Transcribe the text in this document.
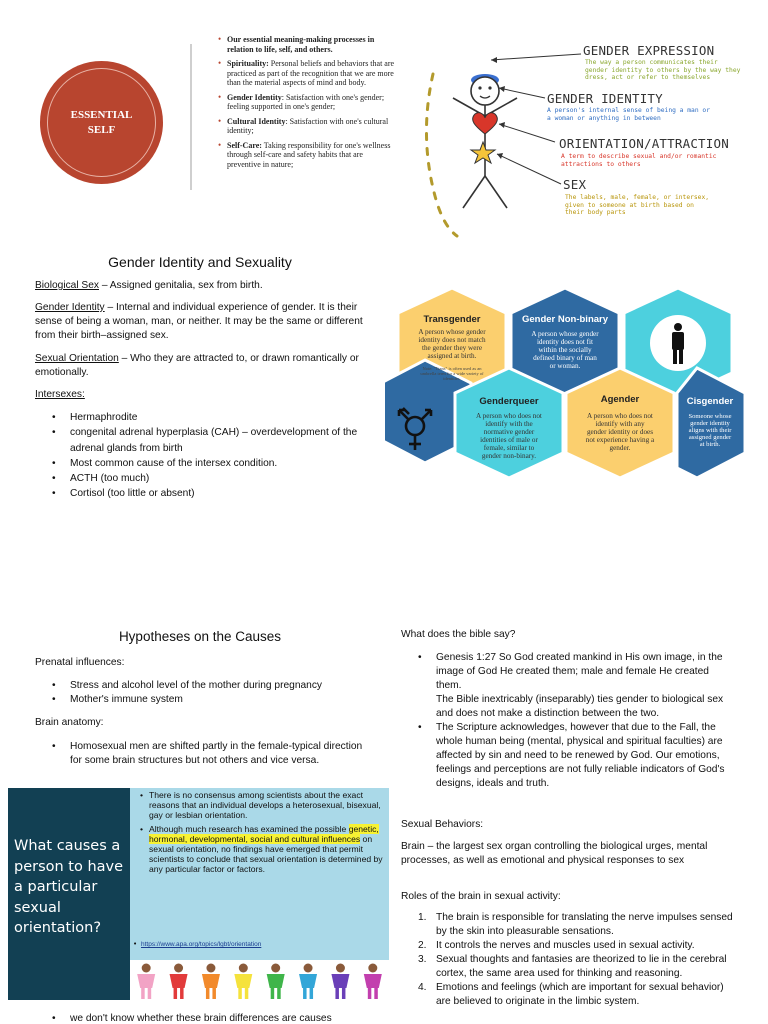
ESSENTIAL SELF
• Our essential meaning-making processes in relation to life, self, and others.
• Spirituality: Personal beliefs and behaviors that are practiced as part of the recognition that we are more than the material aspects of mind and body.
• Gender Identity: Satisfaction with one's gender; feeling supported in one's gender;
• Cultural Identity: Satisfaction with one's cultural identity;
• Self-Care: Taking responsibility for one's wellness through self-care and safety habits that are preventive in nature;
GENDER EXPRESSION
The way a person communicates their
gender identity to others by the way they
dress, act or refer to themselves
GENDER IDENTITY
A person's internal sense of being a man or
a woman or anything in between
ORIENTATION/ATTRACTION
A term to describe sexual and/or romantic
attractions to others
SEX
The labels, male, female, or intersex,
given to someone at birth based on
their body parts
Gender Identity and Sexuality
Biological Sex – Assigned genitalia, sex from birth.
Gender Identity – Internal and individual experience of gender. It is their sense of being a woman, man, or neither. It may be the same or different from their birth–assigned sex.
Sexual Orientation – Who they are attracted to, or drawn romantically or emotionally.
Intersexes:
• Hermaphrodite
• congenital adrenal hyperplasia (CAH) – overdevelopment of the adrenal glands from birth
• Most common cause of the intersex condition.
• ACTH (too much)
• Cortisol (too little or absent)
Transgender
A person whose gender
identity does not match
the gender they were
assigned at birth.
Note: "Trans" is often used as an
umbrella term for a wide variety of
identities.
Gender Non-binary
A person whose gender
identity does not fit
within the socially
defined binary of man
or woman.
Genderqueer
A person who does not
identify with the
normative gender
identities of male or
female, similar to
gender non-binary.
Agender
A person who does not
identify with any
gender identity or does
not experience having a
gender.
Cisgender
Someone whose
gender identity
aligns with their
assigned gender
at birth.
Hypotheses on the Causes
Prenatal influences:
• Stress and alcohol level of the mother during pregnancy
• Mother's immune system
Brain anatomy:
• Homosexual men are shifted partly in the female-typical direction for some brain structures but not others and vice versa.
What causes a person to have a particular sexual orientation?
• There is no consensus among scientists about the exact reasons that an individual develops a heterosexual, bisexual, gay or lesbian orientation.
• Although much research has examined the possible genetic, hormonal, developmental, social and cultural influences on sexual orientation, no findings have emerged that permit scientists to conclude that sexual orientation is determined by any particular factor or factors.
• https://www.apa.org/topics/lgbt/orientation
• we don't know whether these brain differences are causes
What does the bible say?
• Genesis 1:27 So God created mankind in His own image, in the image of God He created them; male and female He created them.
The Bible inextricably (inseparably) ties gender to biological sex and does not make a distinction between the two.
• The Scripture acknowledges, however that due to the Fall, the whole human being (mental, physical and spiritual faculties) are affected by sin and need to be renewed by God. Our emotions, feelings and perceptions are not fully reliable indicators of God's designs, ideals and truth.
Sexual Behaviors:
Brain – the largest sex organ controlling the biological urges, mental processes, as well as emotional and physical responses to sex
Roles of the brain in sexual activity:
1. The brain is responsible for translating the nerve impulses sensed by the skin into pleasurable sensations.
2. It controls the nerves and muscles used in sexual activity.
3. Sexual thoughts and fantasies are theorized to lie in the cerebral cortex, the same area used for thinking and reasoning.
4. Emotions and feelings (which are important for sexual behavior) are believed to originate in the limbic system.
